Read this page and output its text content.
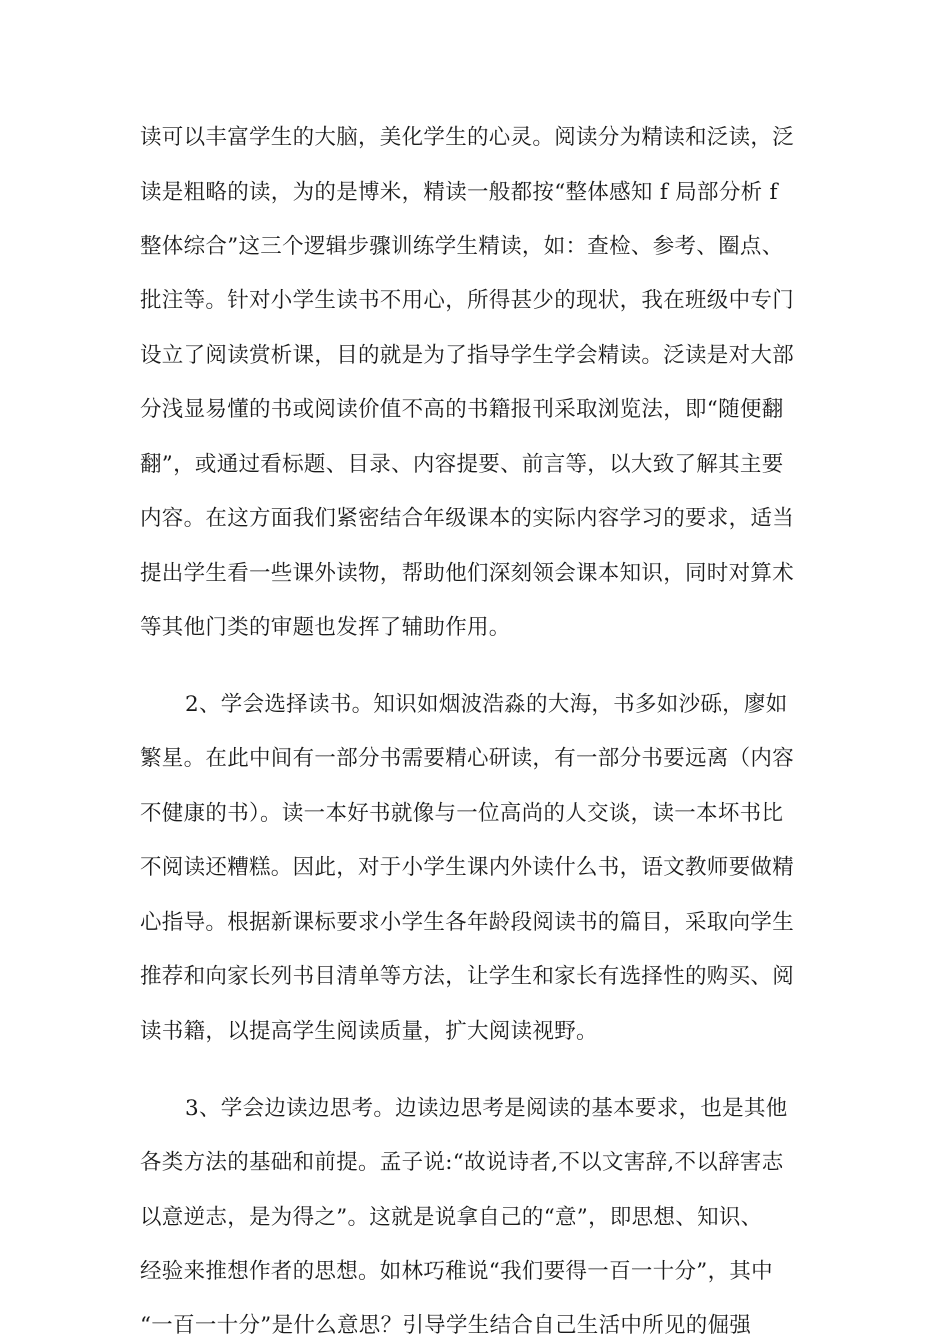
读可以丰富学生的大脑，美化学生的心灵。阅读分为精读和泛读，泛
读是粗略的读，为的是博米，精读一般都按“整体感知 f 局部分析 f
整体综合”这三个逻辑步骤训练学生精读，如：查检、参考、圈点、
批注等。针对小学生读书不用心，所得甚少的现状，我在班级中专门
设立了阅读赏析课，目的就是为了指导学生学会精读。泛读是对大部
分浅显易懂的书或阅读价值不高的书籍报刊采取浏览法，即“随便翻
翻”，或通过看标题、目录、内容提要、前言等，以大致了解其主要
内容。在这方面我们紧密结合年级课本的实际内容学习的要求，适当
提出学生看一些课外读物，帮助他们深刻领会课本知识，同时对算术
等其他门类的审题也发挥了辅助作用。
2、学会选择读书。知识如烟波浩淼的大海，书多如沙砾，廖如
繁星。在此中间有一部分书需要精心研读，有一部分书要远离（内容
不健康的书）。读一本好书就像与一位高尚的人交谈，读一本坏书比
不阅读还糟糕。因此，对于小学生课内外读什么书，语文教师要做精
心指导。根据新课标要求小学生各年龄段阅读书的篇目，采取向学生
推荐和向家长列书目清单等方法，让学生和家长有选择性的购买、阅
读书籍，以提高学生阅读质量，扩大阅读视野。
3、学会边读边思考。边读边思考是阅读的基本要求，也是其他
各类方法的基础和前提。孟子说:“故说诗者,不以文害辞,不以辞害志
以意逆志，是为得之”。这就是说拿自己的“意”，即思想、知识、
经验来推想作者的思想。如林巧稚说“我们要得一百一十分”，其中
“一百一十分”是什么意思？引导学生结合自己生活中所见的倔强
